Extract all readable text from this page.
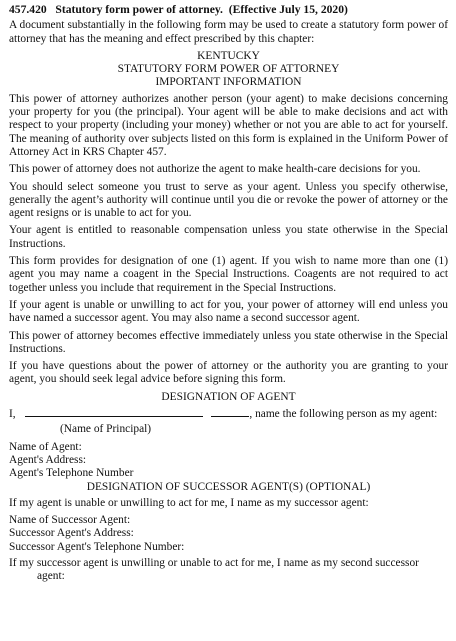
457.420 Statutory form power of attorney. (Effective July 15, 2020)

A document substantially in the following form may be used to create a statutory form power of attorney that has the meaning and effect prescribed by this chapter:

KENTUCKY
STATUTORY FORM POWER OF ATTORNEY
IMPORTANT INFORMATION

This power of attorney authorizes another person (your agent) to make decisions concerning your property for you (the principal). Your agent will be able to make decisions and act with respect to your property (including your money) whether or not you are able to act for yourself. The meaning of authority over subjects listed on this form is explained in the Uniform Power of Attorney Act in KRS Chapter 457.

This power of attorney does not authorize the agent to make health-care decisions for you.

You should select someone you trust to serve as your agent. Unless you specify otherwise, generally the agent’s authority will continue until you die or revoke the power of attorney or the agent resigns or is unable to act for you.

Your agent is entitled to reasonable compensation unless you state otherwise in the Special Instructions.

This form provides for designation of one (1) agent. If you wish to name more than one (1) agent you may name a coagent in the Special Instructions. Coagents are not required to act together unless you include that requirement in the Special Instructions.

If your agent is unable or unwilling to act for you, your power of attorney will end unless you have named a successor agent. You may also name a second successor agent.

This power of attorney becomes effective immediately unless you state otherwise in the Special Instructions.

If you have questions about the power of attorney or the authority you are granting to your agent, you should seek legal advice before signing this form.

DESIGNATION OF AGENT

I,	, name the following person as my agent:

(Name of Principal)
Name of Agent:
Agent's Address:
Agent's Telephone Number
DESIGNATION OF SUCCESSOR AGENT(S) (OPTIONAL)

If my agent is unable or unwilling to act for me, I name as my successor agent:

Name of Successor Agent:
Successor Agent's Address:
Successor Agent's Telephone Number:
If my successor agent is unwilling or unable to act for me, I name as my second successor agent:
